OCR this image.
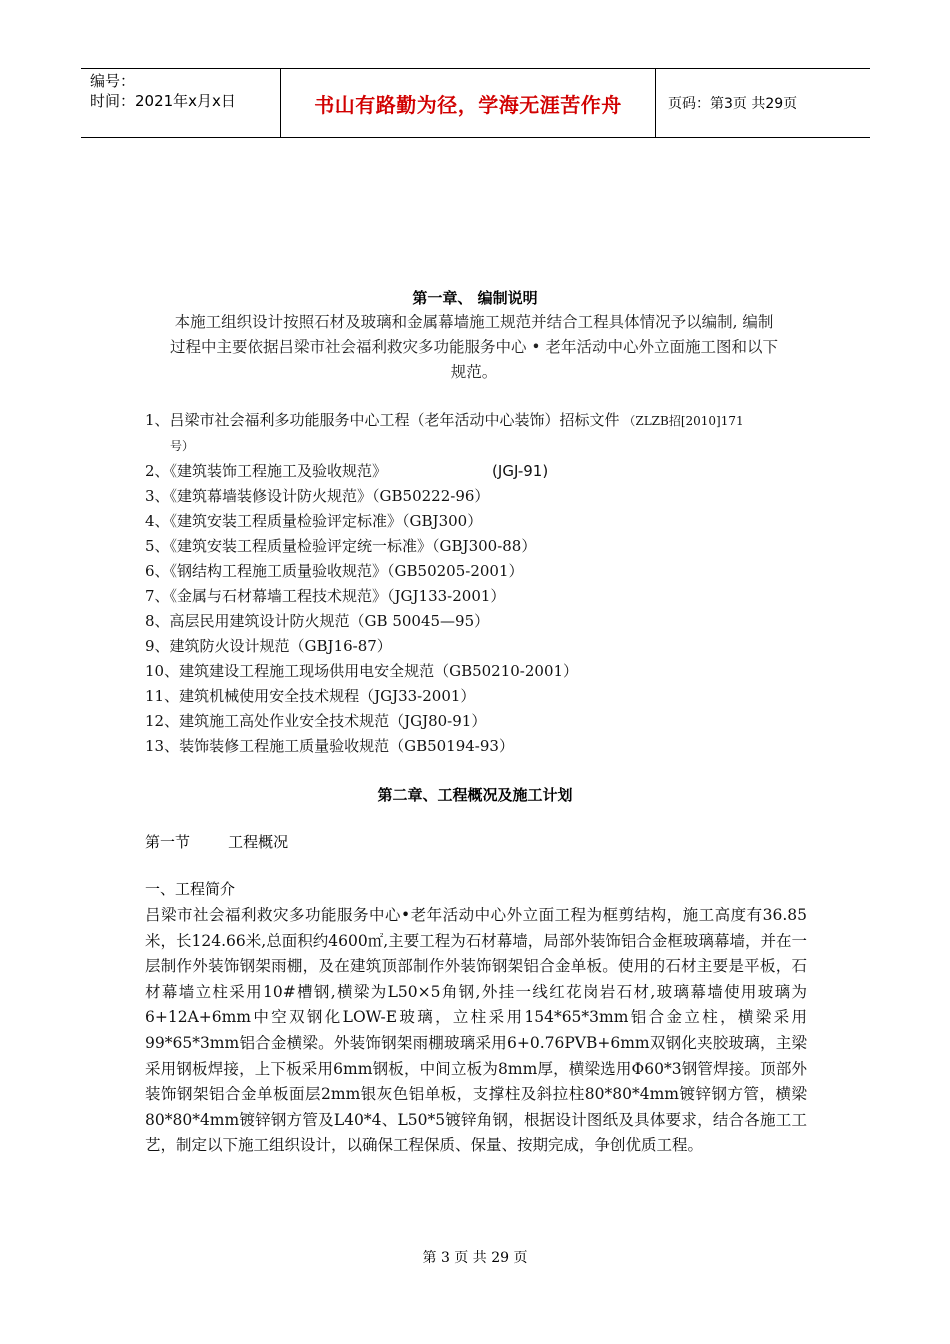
编号：
时间：2021年x月x日	书山有路勤为径，学海无涯苦作舟	页码：第3页 共29页
第一章、 编制说明
本施工组织设计按照石材及玻璃和金属幕墙施工规范并结合工程具体情况予以编制, 编制
过程中主要依据吕梁市社会福利救灾多功能服务中心 • 老年活动中心外立面施工图和以下
规范。
1、吕梁市社会福利多功能服务中心工程（老年活动中心装饰）招标文件 （ZLZB招[2010]171
号）
2、《建筑装饰工程施工及验收规范》	(JGJ-91)
3、《建筑幕墙装修设计防火规范》（GB50222-96）
4、《建筑安装工程质量检验评定标准》（GBJ300）
5、《建筑安装工程质量检验评定统一标准》（GBJ300-88）
6、《钢结构工程施工质量验收规范》（GB50205-2001）
7、《金属与石材幕墙工程技术规范》（JGJ133-2001）
8、高层民用建筑设计防火规范（GB 50045—95）
9、建筑防火设计规范（GBJ16-87）
10、建筑建设工程施工现场供用电安全规范（GB50210-2001）
11、建筑机械使用安全技术规程（JGJ33-2001）
12、建筑施工高处作业安全技术规范（JGJ80-91）
13、装饰装修工程施工质量验收规范（GB50194-93）
第二章、工程概况及施工计划
第一节        工程概况
一、工程简介
吕梁市社会福利救灾多功能服务中心•老年活动中心外立面工程为框剪结构，施工高度有36.85米，长124.66米,总面积约4600㎡,主要工程为石材幕墙，局部外装饰铝合金框玻璃幕墙，并在一层制作外装饰钢架雨棚，及在建筑顶部制作外装饰钢架铝合金单板。使用的石材主要是平板，石材幕墙立柱采用10#槽钢,横梁为L50×5角钢,外挂一线红花岗岩石材,玻璃幕墙使用玻璃为6+12A+6mm中空双钢化LOW-E玻璃，立柱采用154*65*3mm铝合金立柱，横梁采用99*65*3mm铝合金横梁。外装饰钢架雨棚玻璃采用6+0.76PVB+6mm双钢化夹胶玻璃，主梁采用钢板焊接，上下板采用6mm钢板，中间立板为8mm厚，横梁选用Φ60*3钢管焊接。顶部外装饰钢架铝合金单板面层2mm银灰色铝单板，支撑柱及斜拉柱80*80*4mm镀锌钢方管，横梁80*80*4mm镀锌钢方管及L40*4、L50*5镀锌角钢，根据设计图纸及具体要求，结合各施工工艺，制定以下施工组织设计，以确保工程保质、保量、按期完成，争创优质工程。
第 3 页 共 29 页
